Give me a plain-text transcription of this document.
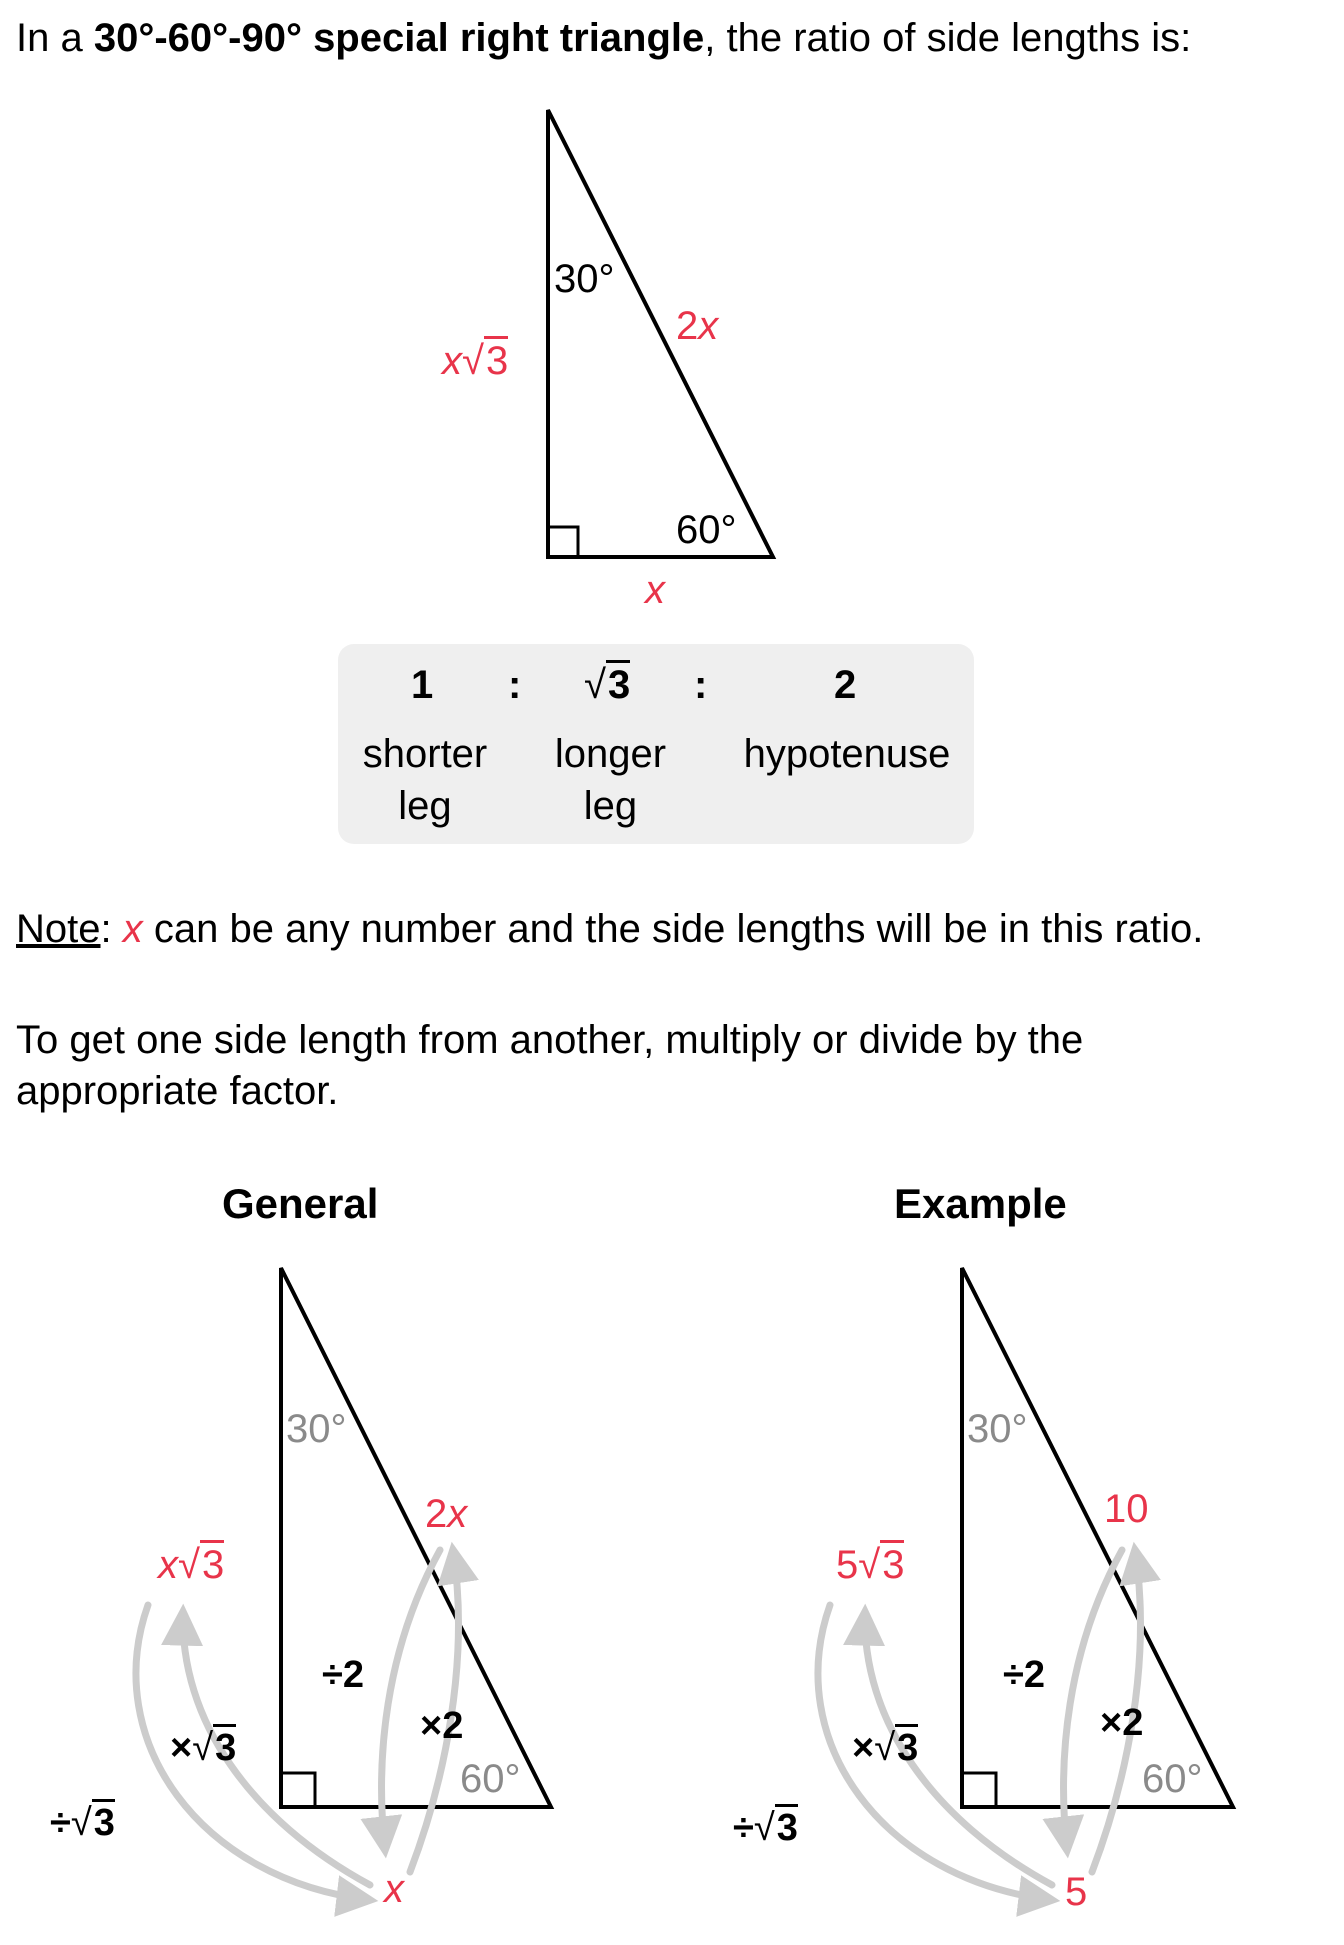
In a 30°-60°-90° special right triangle, the ratio of side lengths is:
30°
60°
x√3
2x
x
1 : √3 :	2
shorter leg
longer leg
hypotenuse
Note: x can be any number and the side lengths will be in this ratio.
To get one side length from another, multiply or divide by the
appropriate factor.
General
30°
60°
2x
x√3
x
÷2
×2
×√3
÷√3
Example
30°
60°
10
5√3
5
÷2
×2
×√3
÷√3
